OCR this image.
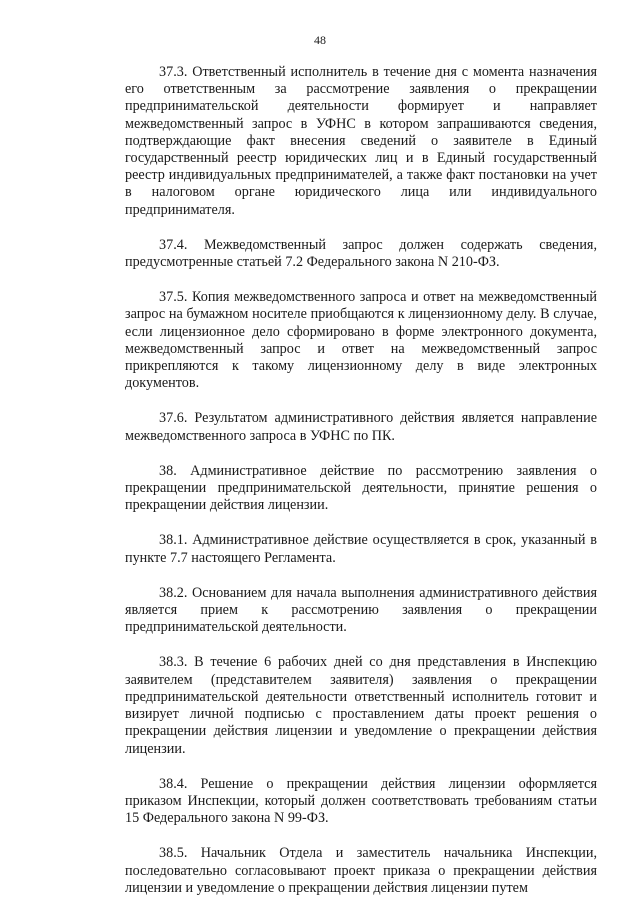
48

37.3. Ответственный исполнитель в течение дня с момента назначения его ответственным за рассмотрение заявления о прекращении предпринимательской деятельности формирует и направляет межведомственный запрос в УФНС в котором запрашиваются сведения, подтверждающие факт внесения сведений о заявителе в Единый государственный реестр юридических лиц и в Единый государственный реестр индивидуальных предпринимателей, а также факт постановки на учет в налоговом органе юридического лица или индивидуального предпринимателя.

37.4. Межведомственный запрос должен содержать сведения, предусмотренные статьей 7.2 Федерального закона N 210-ФЗ.

37.5. Копия межведомственного запроса и ответ на межведомственный запрос на бумажном носителе приобщаются к лицензионному делу. В случае, если лицензионное дело сформировано в форме электронного документа, межведомственный запрос и ответ на межведомственный запрос прикрепляются к такому лицензионному делу в виде электронных документов.

37.6. Результатом административного действия является направление межведомственного запроса в УФНС по ПК.

38. Административное действие по рассмотрению заявления о прекращении предпринимательской деятельности, принятие решения о прекращении действия лицензии.

38.1. Административное действие осуществляется в срок, указанный в пункте 7.7 настоящего Регламента.

38.2. Основанием для начала выполнения административного действия является прием к рассмотрению заявления о прекращении предпринимательской деятельности.

38.3. В течение 6 рабочих дней со дня представления в Инспекцию заявителем (представителем заявителя) заявления о прекращении предпринимательской деятельности ответственный исполнитель готовит и визирует личной подписью с проставлением даты проект решения о прекращении действия лицензии и уведомление о прекращении действия лицензии.

38.4. Решение о прекращении действия лицензии оформляется приказом Инспекции, который должен соответствовать требованиям статьи 15 Федерального закона N 99-ФЗ.

38.5. Начальник Отдела и заместитель начальника Инспекции, последовательно согласовывают проект приказа о прекращении действия лицензии и уведомление о прекращении действия лицензии путем
